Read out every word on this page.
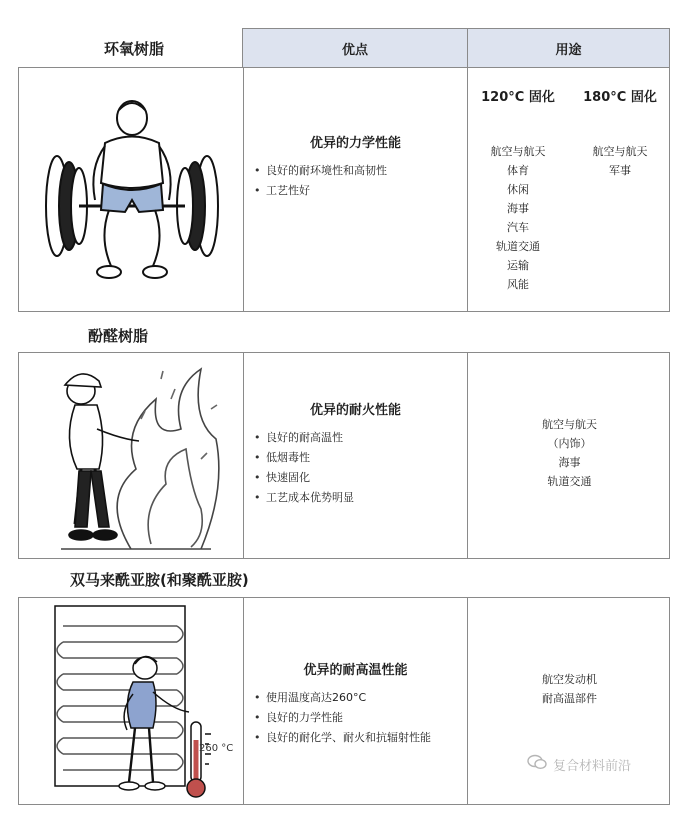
环氧树脂	优点	用途
优异的力学性能
• 良好的耐环境性和高韧性
• 工艺性好
120°C 固化
航空与航天
体育
休闲
海事
汽车
轨道交通
运输
风能
180°C 固化
航空与航天
军事
酚醛树脂
优异的耐火性能
• 良好的耐高温性
• 低烟毒性
• 快速固化
• 工艺成本优势明显
航空与航天
（内饰）
海事
轨道交通
双马来酰亚胺(和聚酰亚胺)
260 °C
优异的耐高温性能
• 使用温度高达260°C
• 良好的力学性能
• 良好的耐化学、耐火和抗辐射性能
航空发动机
耐高温部件
复合材料前沿
